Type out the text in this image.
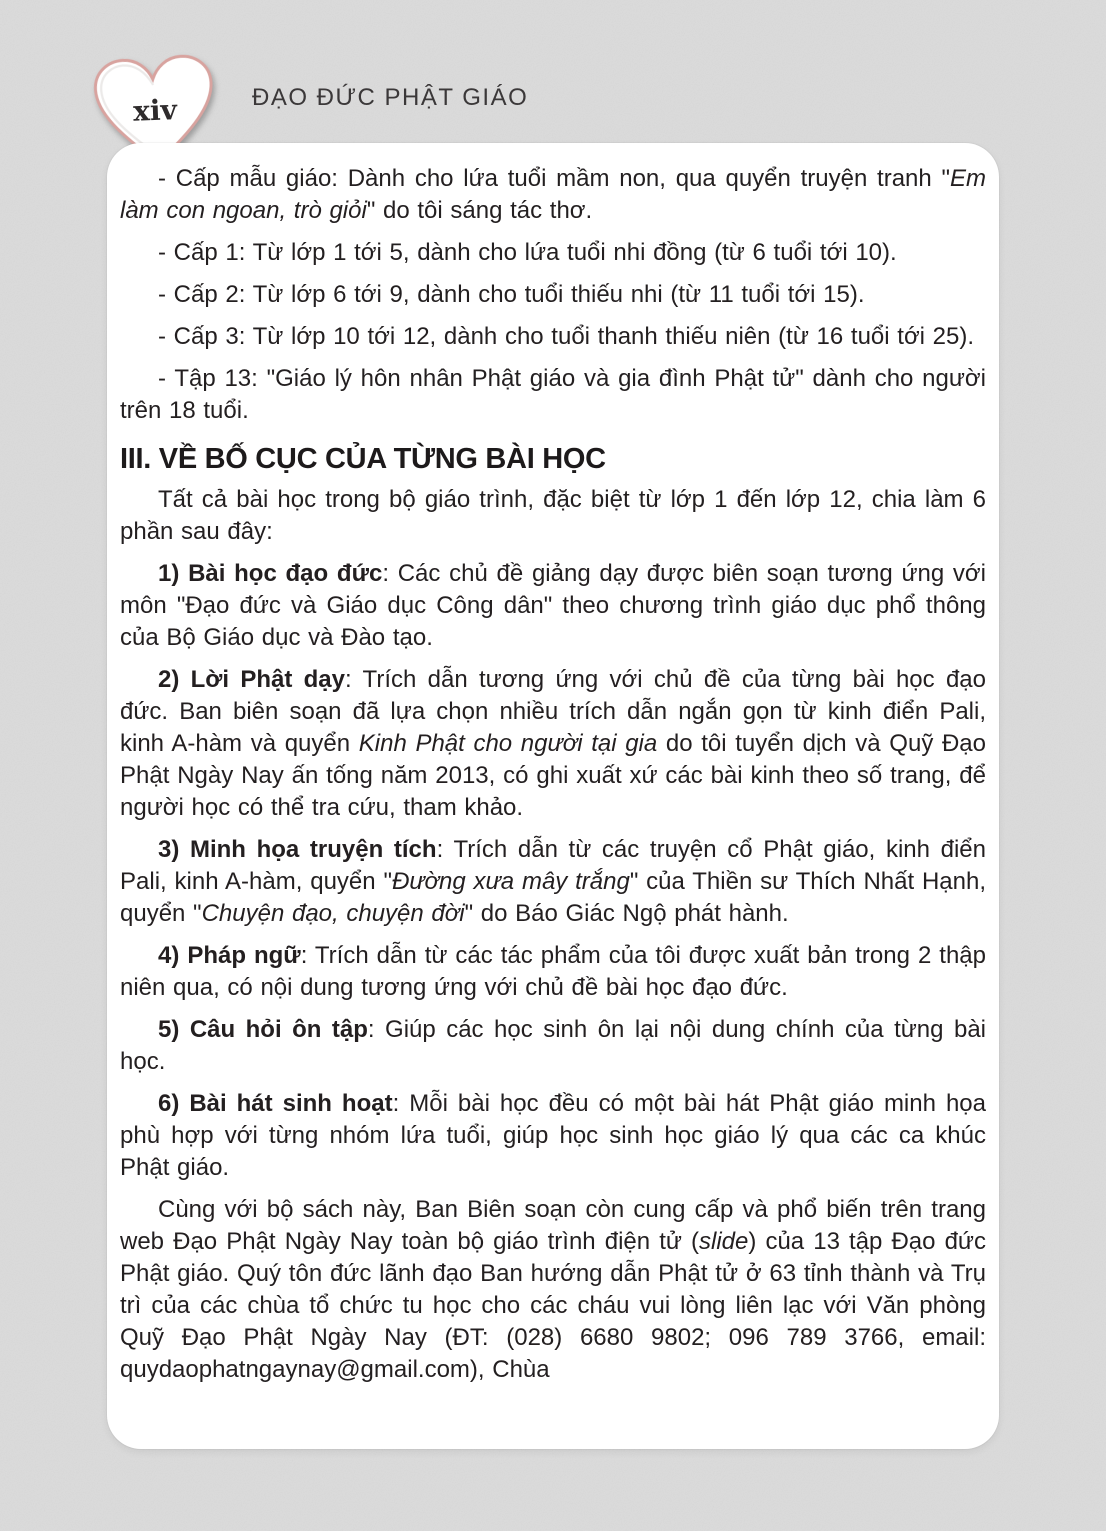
xiv	ĐẠO ĐỨC PHẬT GIÁO

- Cấp mẫu giáo: Dành cho lứa tuổi mầm non, qua quyển truyện tranh "Em làm con ngoan, trò giỏi" do tôi sáng tác thơ.

- Cấp 1: Từ lớp 1 tới 5, dành cho lứa tuổi nhi đồng (từ 6 tuổi tới 10).

- Cấp 2: Từ lớp 6 tới 9, dành cho tuổi thiếu nhi (từ 11 tuổi tới 15).

- Cấp 3: Từ lớp 10 tới 12, dành cho tuổi thanh thiếu niên (từ 16 tuổi tới 25).

- Tập 13: "Giáo lý hôn nhân Phật giáo và gia đình Phật tử" dành cho người trên 18 tuổi.

III. VỀ BỐ CỤC CỦA TỪNG BÀI HỌC

Tất cả bài học trong bộ giáo trình, đặc biệt từ lớp 1 đến lớp 12, chia làm 6 phần sau đây:

1) Bài học đạo đức: Các chủ đề giảng dạy được biên soạn tương ứng với môn "Đạo đức và Giáo dục Công dân" theo chương trình giáo dục phổ thông của Bộ Giáo dục và Đào tạo.

2) Lời Phật dạy: Trích dẫn tương ứng với chủ đề của từng bài học đạo đức. Ban biên soạn đã lựa chọn nhiều trích dẫn ngắn gọn từ kinh điển Pali, kinh A-hàm và quyển Kinh Phật cho người tại gia do tôi tuyển dịch và Quỹ Đạo Phật Ngày Nay ấn tống năm 2013, có ghi xuất xứ các bài kinh theo số trang, để người học có thể tra cứu, tham khảo.

3) Minh họa truyện tích: Trích dẫn từ các truyện cổ Phật giáo, kinh điển Pali, kinh A-hàm, quyển "Đường xưa mây trắng" của Thiền sư Thích Nhất Hạnh, quyển "Chuyện đạo, chuyện đời" do Báo Giác Ngộ phát hành.

4) Pháp ngữ: Trích dẫn từ các tác phẩm của tôi được xuất bản trong 2 thập niên qua, có nội dung tương ứng với chủ đề bài học đạo đức.

5) Câu hỏi ôn tập: Giúp các học sinh ôn lại nội dung chính của từng bài học.

6) Bài hát sinh hoạt: Mỗi bài học đều có một bài hát Phật giáo minh họa phù hợp với từng nhóm lứa tuổi, giúp học sinh học giáo lý qua các ca khúc Phật giáo.

Cùng với bộ sách này, Ban Biên soạn còn cung cấp và phổ biến trên trang web Đạo Phật Ngày Nay toàn bộ giáo trình điện tử (slide) của 13 tập Đạo đức Phật giáo. Quý tôn đức lãnh đạo Ban hướng dẫn Phật tử ở 63 tỉnh thành và Trụ trì của các chùa tổ chức tu học cho các cháu vui lòng liên lạc với Văn phòng Quỹ Đạo Phật Ngày Nay (ĐT: (028) 6680 9802; 096 789 3766, email: quydaophatngaynay@gmail.com), Chùa
